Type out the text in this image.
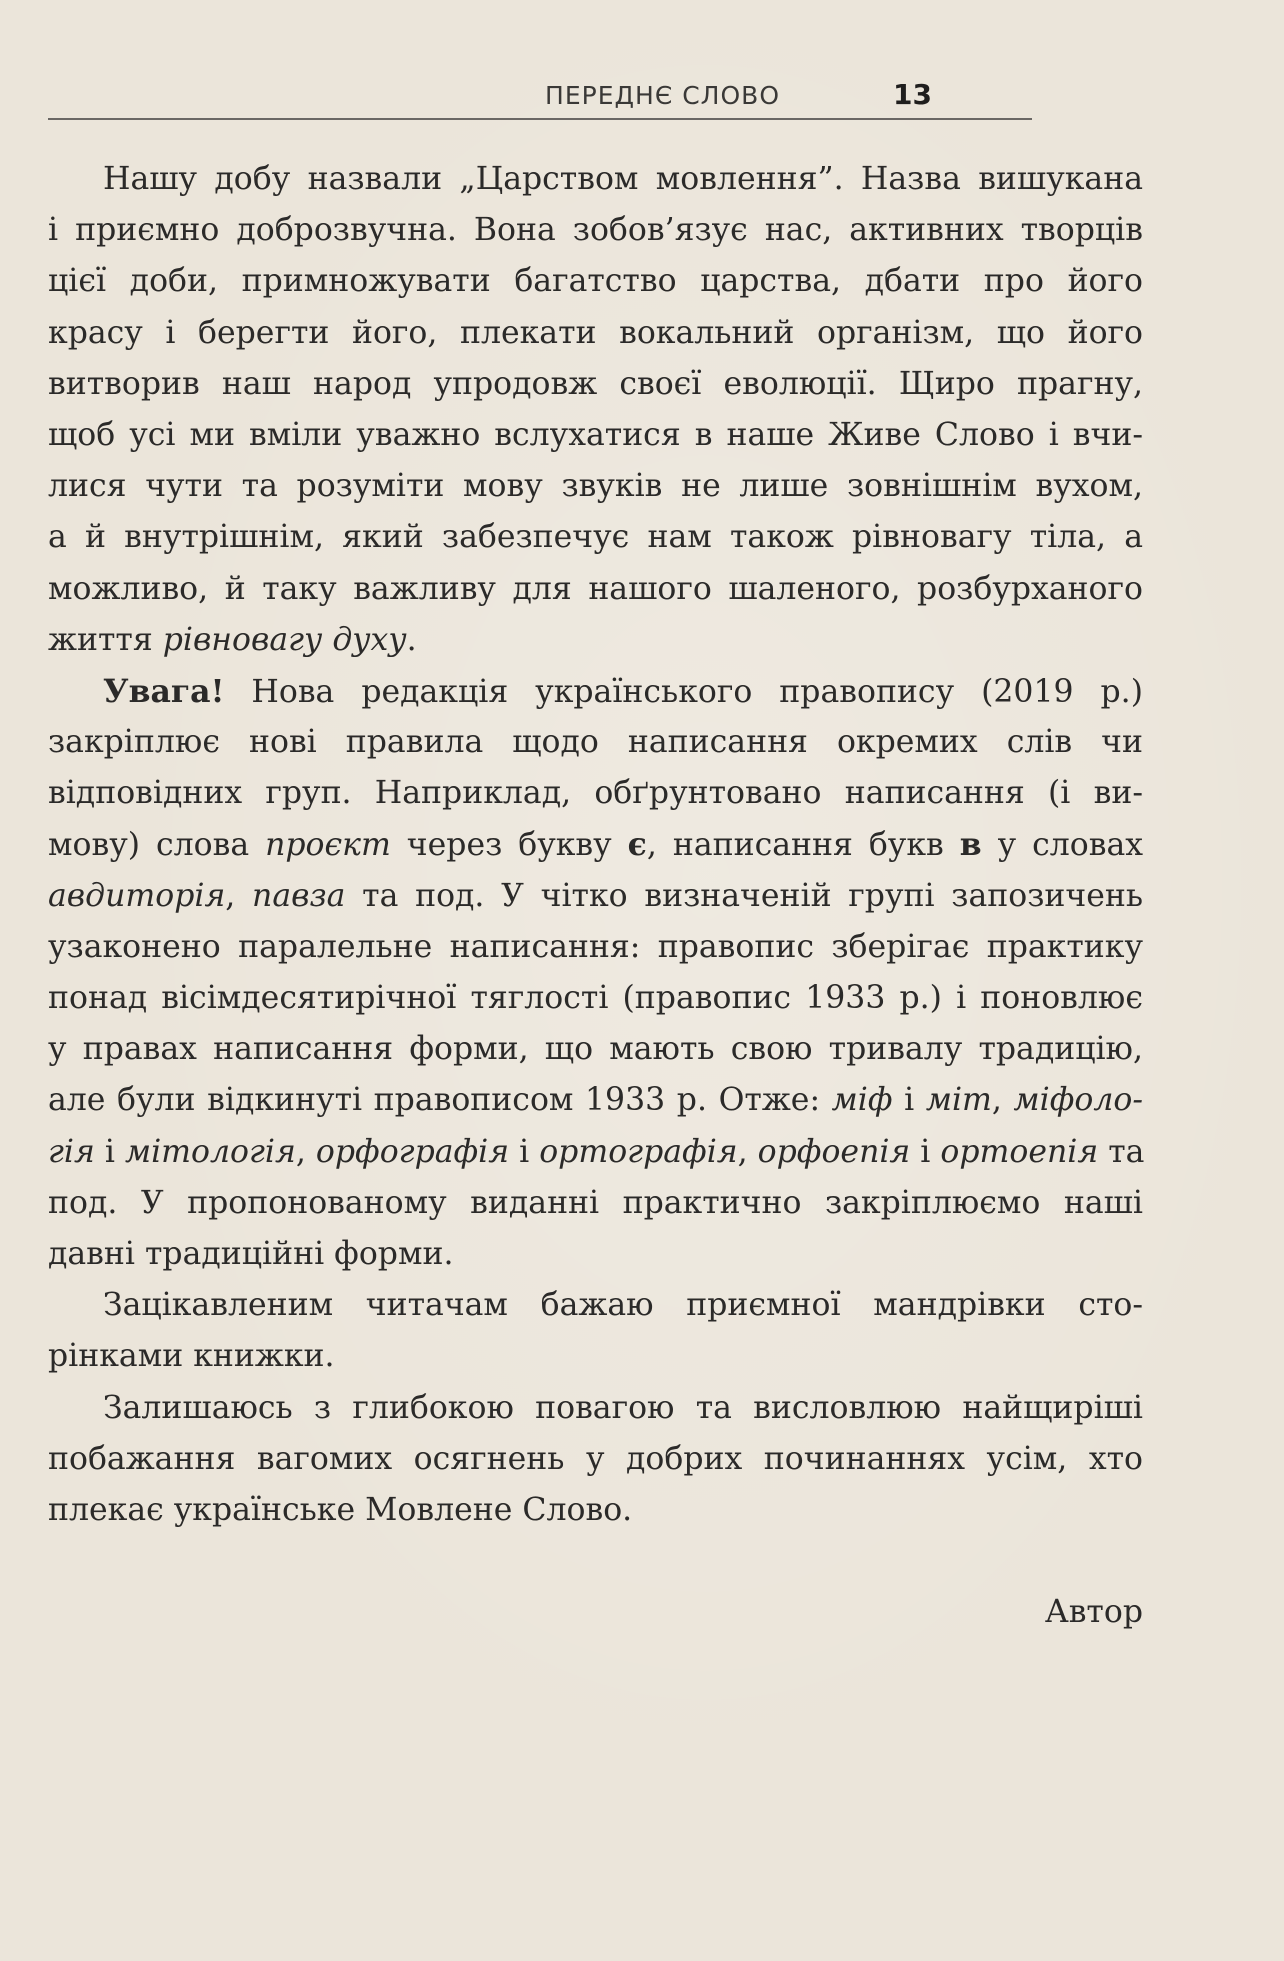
ПЕРЕДНЄ СЛОВО	13
Нашу добу назвали „Царством мовлення”. Назва вишукана
і приємно доброзвучна. Вона зобов’язує нас, активних творців
цієї доби, примножувати багатство царства, дбати про його
красу і берегти його, плекати вокальний організм, що його
витворив наш народ упродовж своєї еволюції. Щиро прагну,
щоб усі ми вміли уважно вслухатися в наше Живе Слово і вчи-
лися чути та розуміти мову звуків не лише зовнішнім вухом,
а й внутрішнім, який забезпечує нам також рівновагу тіла, а
можливо, й таку важливу для нашого шаленого, розбурханого
життя рівновагу духу.
Увага! Нова редакція українського правопису (2019 р.)
закріплює нові правила щодо написання окремих слів чи
відповідних груп. Наприклад, обґрунтовано написання (і ви-
мову) слова проєкт через букву є, написання букв в у словах
авдиторія, павза та под. У чітко визначеній групі запозичень
узаконено паралельне написання: правопис зберігає практику
понад вісімдесятирічної тяглості (правопис 1933 р.) і поновлює
у правах написання форми, що мають свою тривалу традицію,
але були відкинуті правописом 1933 р. Отже: міф і міт, міфоло-
гія і мітологія, орфографія і ортографія, орфоепія і ортоепія та
под. У пропонованому виданні практично закріплюємо наші
давні традиційні форми.
Зацікавленим читачам бажаю приємної мандрівки сто-
рінками книжки.
Залишаюсь з глибокою повагою та висловлюю найщиріші
побажання вагомих осягнень у добрих починаннях усім, хто
плекає українське Мовлене Слово.
Автор
